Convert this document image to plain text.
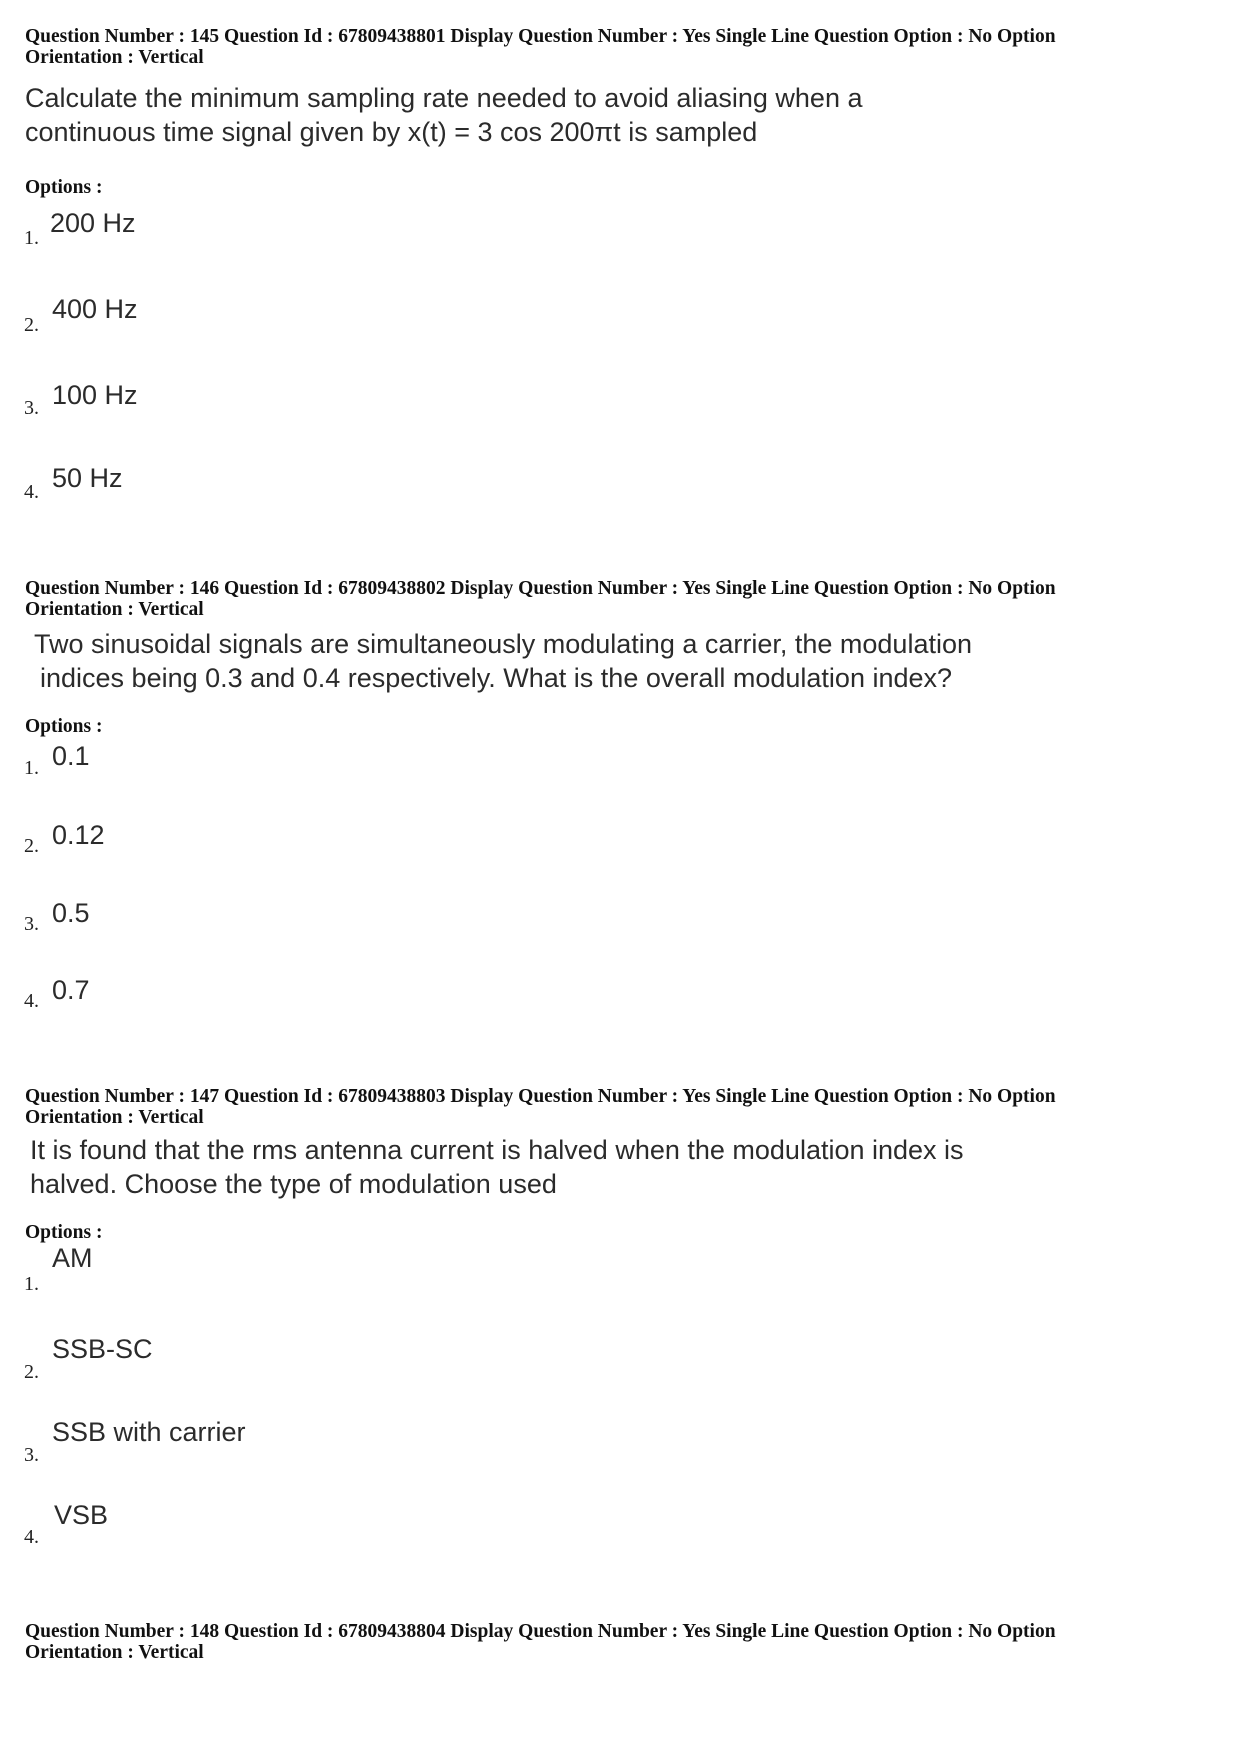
Question Number : 145 Question Id : 67809438801 Display Question Number : Yes Single Line Question Option : No Option
Orientation : Vertical
Calculate the minimum sampling rate needed to avoid aliasing when a
continuous time signal given by x(t) = 3 cos 200πt is sampled
Options :
1. 200 Hz
2.
400 Hz
3. 100 Hz
4. 50 Hz
Question Number : 146 Question Id : 67809438802 Display Question Number : Yes Single Line Question Option : No Option
Orientation : Vertical
Two sinusoidal signals are simultaneously modulating a carrier, the modulation
indices being 0.3 and 0.4 respectively. What is the overall modulation index?
Options :
1. 0.1
2. 0.12
3. 0.5
4. 0.7
Question Number : 147 Question Id : 67809438803 Display Question Number : Yes Single Line Question Option : No Option
Orientation : Vertical
It is found that the rms antenna current is halved when the modulation index is
halved. Choose the type of modulation used
Options :
1.
AM
2.
SSB-SC
3.
SSB with carrier
4.
VSB
Question Number : 148 Question Id : 67809438804 Display Question Number : Yes Single Line Question Option : No Option
Orientation : Vertical
